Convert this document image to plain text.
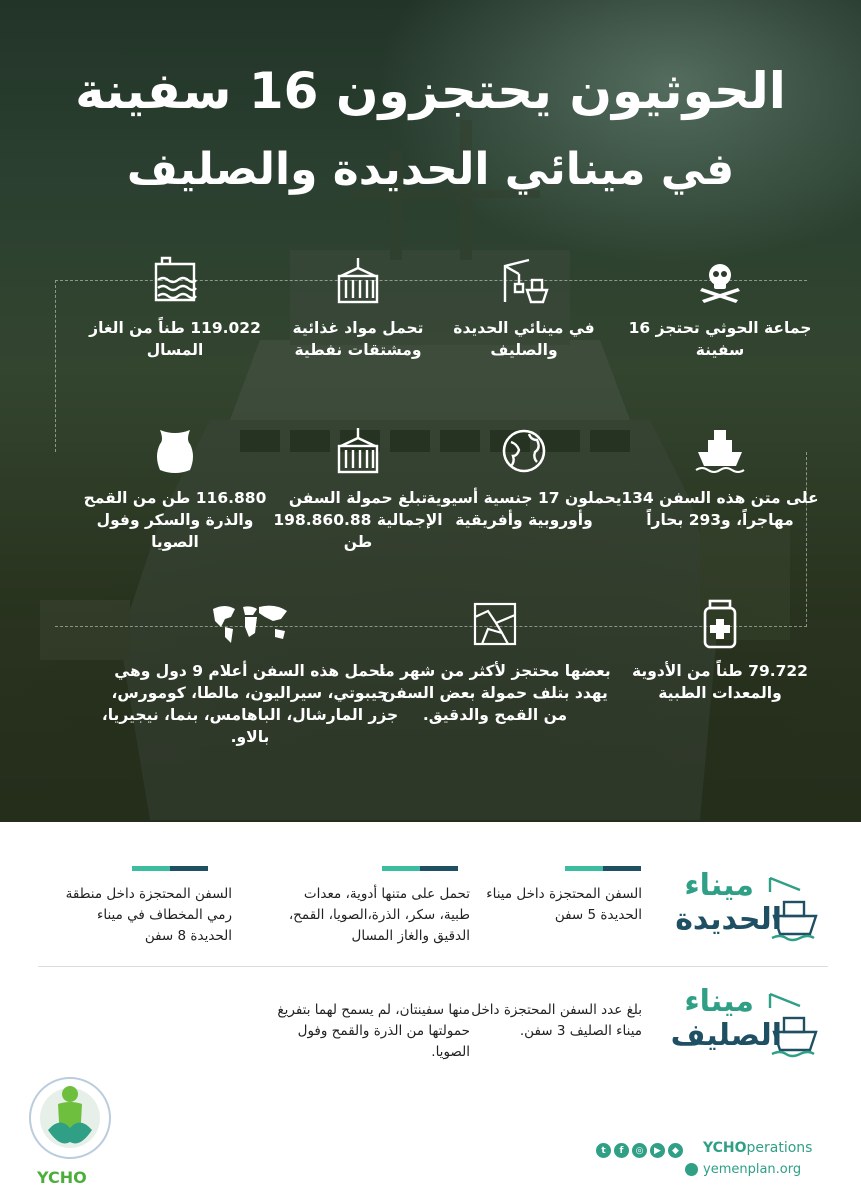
الحوثيون يحتجزون 16 سفينة
في مينائي الحديدة والصليف
جماعة الحوثي تحتجز 16 سفينة
في مينائي الحديدة والصليف
تحمل مواد غذائية ومشتقات نفطية
119.022 طناً من الغاز المسال
على متن هذه السفن 134 مهاجراً، و293 بحاراً
يحملون 17 جنسية أسيوية وأوروبية وأفريقية
تبلغ حمولة السفن الإجمالية 198.860.88 طن
116.880 طن من القمح والذرة والسكر وفول الصويا
79.722 طناً من الأدوية والمعدات الطبية
بعضها محتجز لأكثر من شهر ما يهدد بتلف حمولة بعض السفن من القمح والدقيق.
تحمل هذه السفن أعلام 9 دول وهي جيبوتي، سيراليون، مالطا، كومورس، جزر المارشال، الباهامس، بنما، نيجيريا، بالاو.
ميناء
الحديدة
السفن المحتجزة داخل ميناء الحديدة 5 سفن
تحمل على متنها أدوية، معدات طبية، سكر، الذرة،الصويا، القمح، الدقيق والغاز المسال
السفن المحتجزة داخل منطقة رمي المخطاف في ميناء الحديدة 8 سفن
ميناء
الصليف
بلغ عدد السفن المحتجزة داخل ميناء الصليف 3 سفن.
منها سفينتان، لم يسمح لهما بتفريغ حمولتها من الذرة والقمح وفول الصويا.
YCHO
YCHOperations
yemenplan.org
t	f	◎	▶	◆
